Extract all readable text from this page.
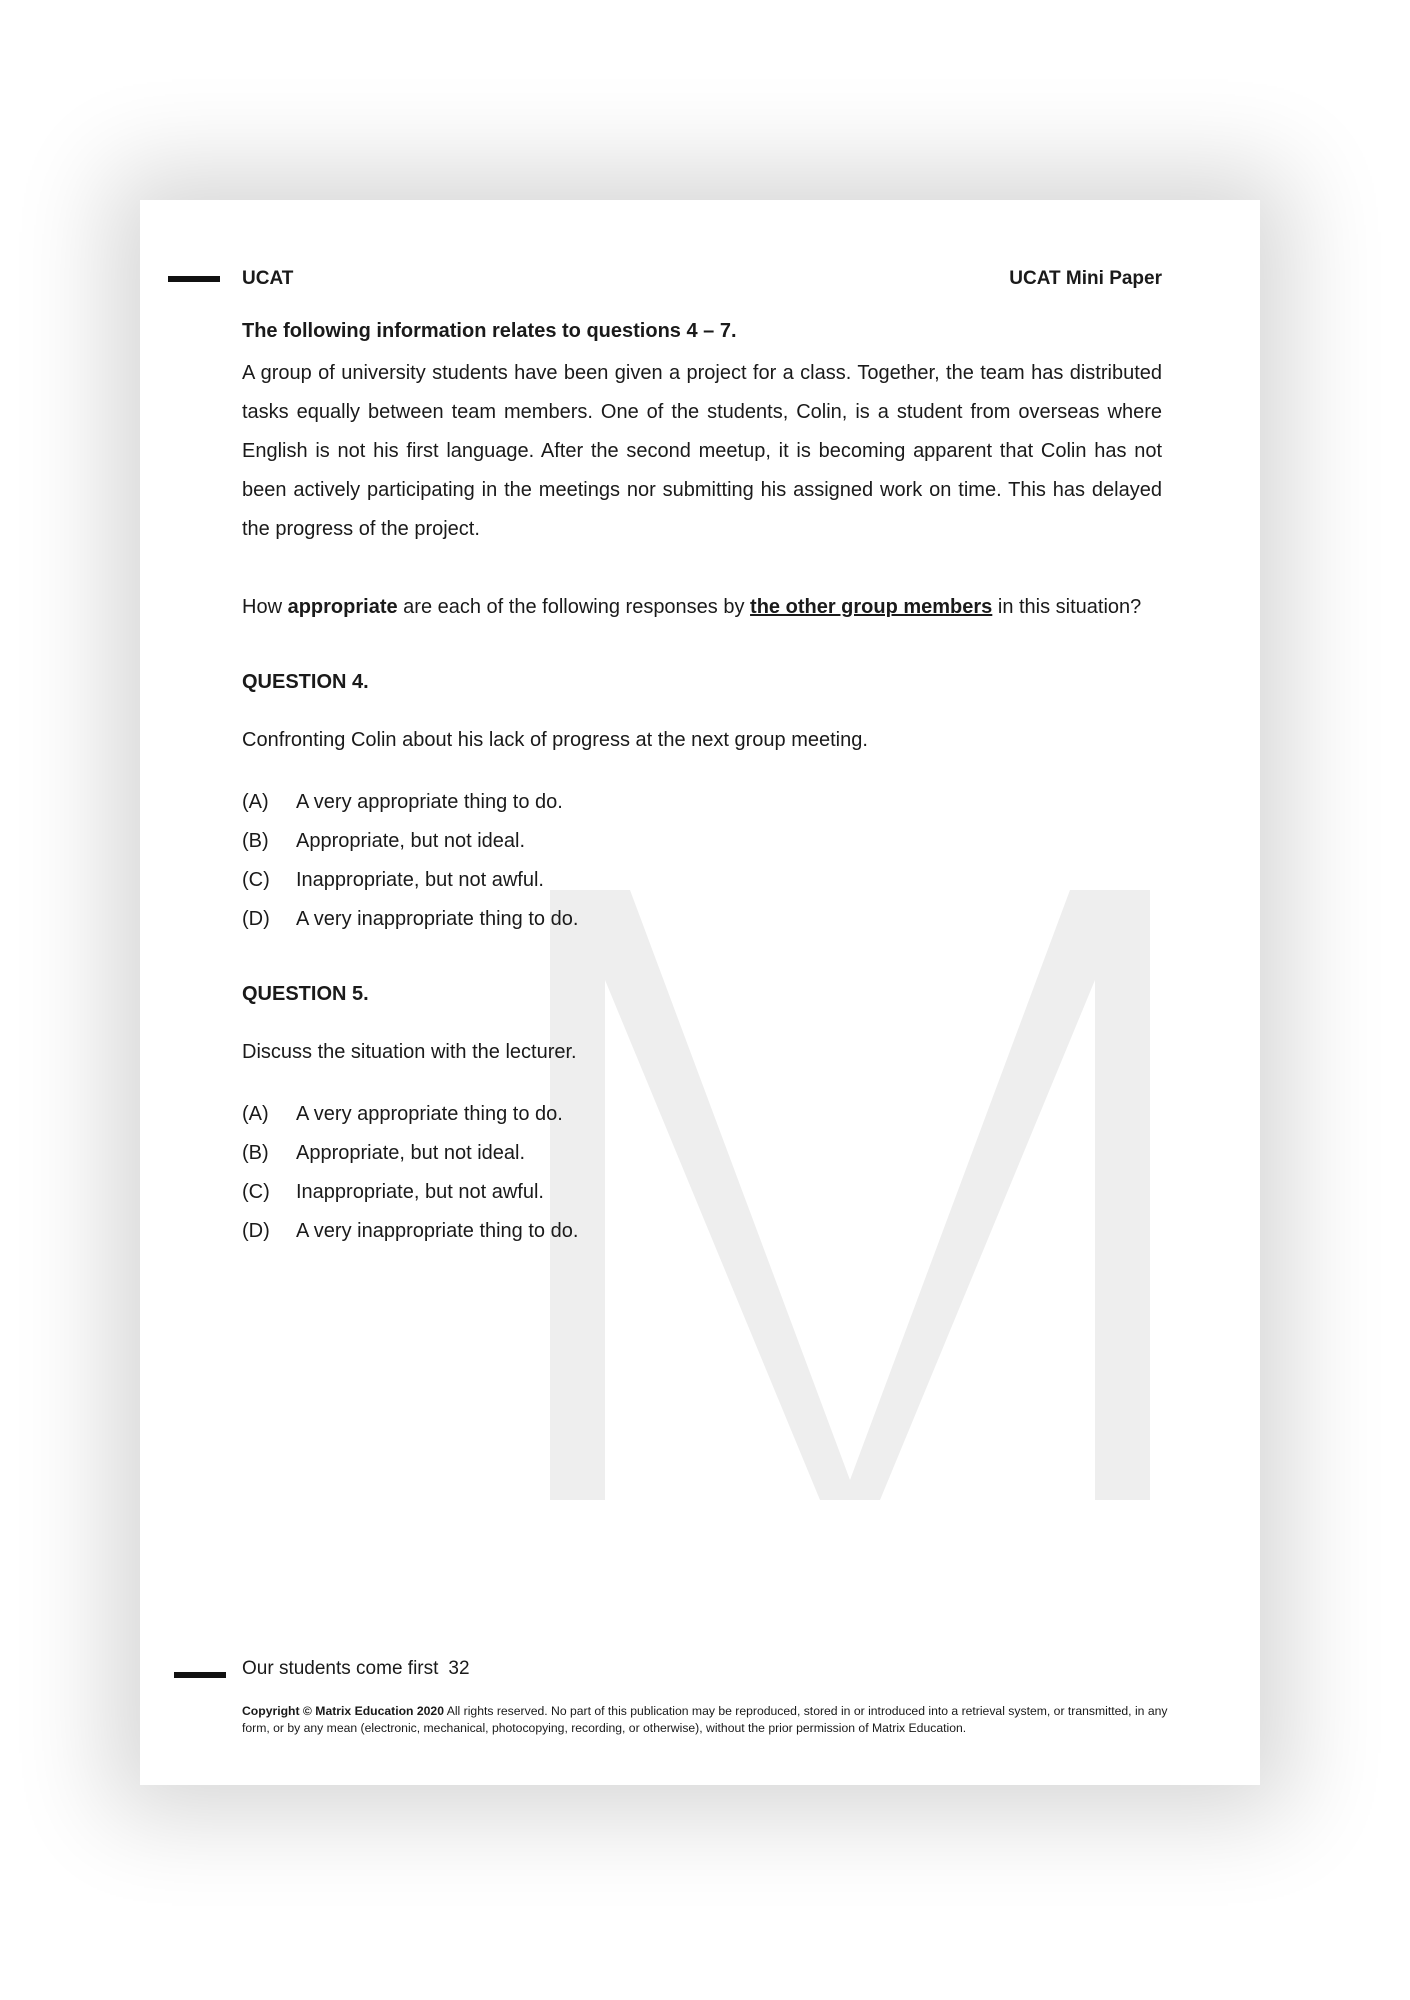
UCAT	UCAT Mini Paper

The following information relates to questions 4 – 7.

A group of university students have been given a project for a class. Together, the team has distributed tasks equally between team members. One of the students, Colin, is a student from overseas where English is not his first language. After the second meetup, it is becoming apparent that Colin has not been actively participating in the meetings nor submitting his assigned work on time. This has delayed the progress of the project.

How appropriate are each of the following responses by the other group members in this situation?

QUESTION 4.

Confronting Colin about his lack of progress at the next group meeting.

(A)	A very appropriate thing to do.
(B)	Appropriate, but not ideal.
(C)	Inappropriate, but not awful.
(D)	A very inappropriate thing to do.

QUESTION 5.

Discuss the situation with the lecturer.

(A)	A very appropriate thing to do.
(B)	Appropriate, but not ideal.
(C)	Inappropriate, but not awful.
(D)	A very inappropriate thing to do.
Our students come first 32
Copyright © Matrix Education 2020 All rights reserved. No part of this publication may be reproduced, stored in or introduced into a retrieval system, or transmitted, in any form, or by any mean (electronic, mechanical, photocopying, recording, or otherwise), without the prior permission of Matrix Education.
